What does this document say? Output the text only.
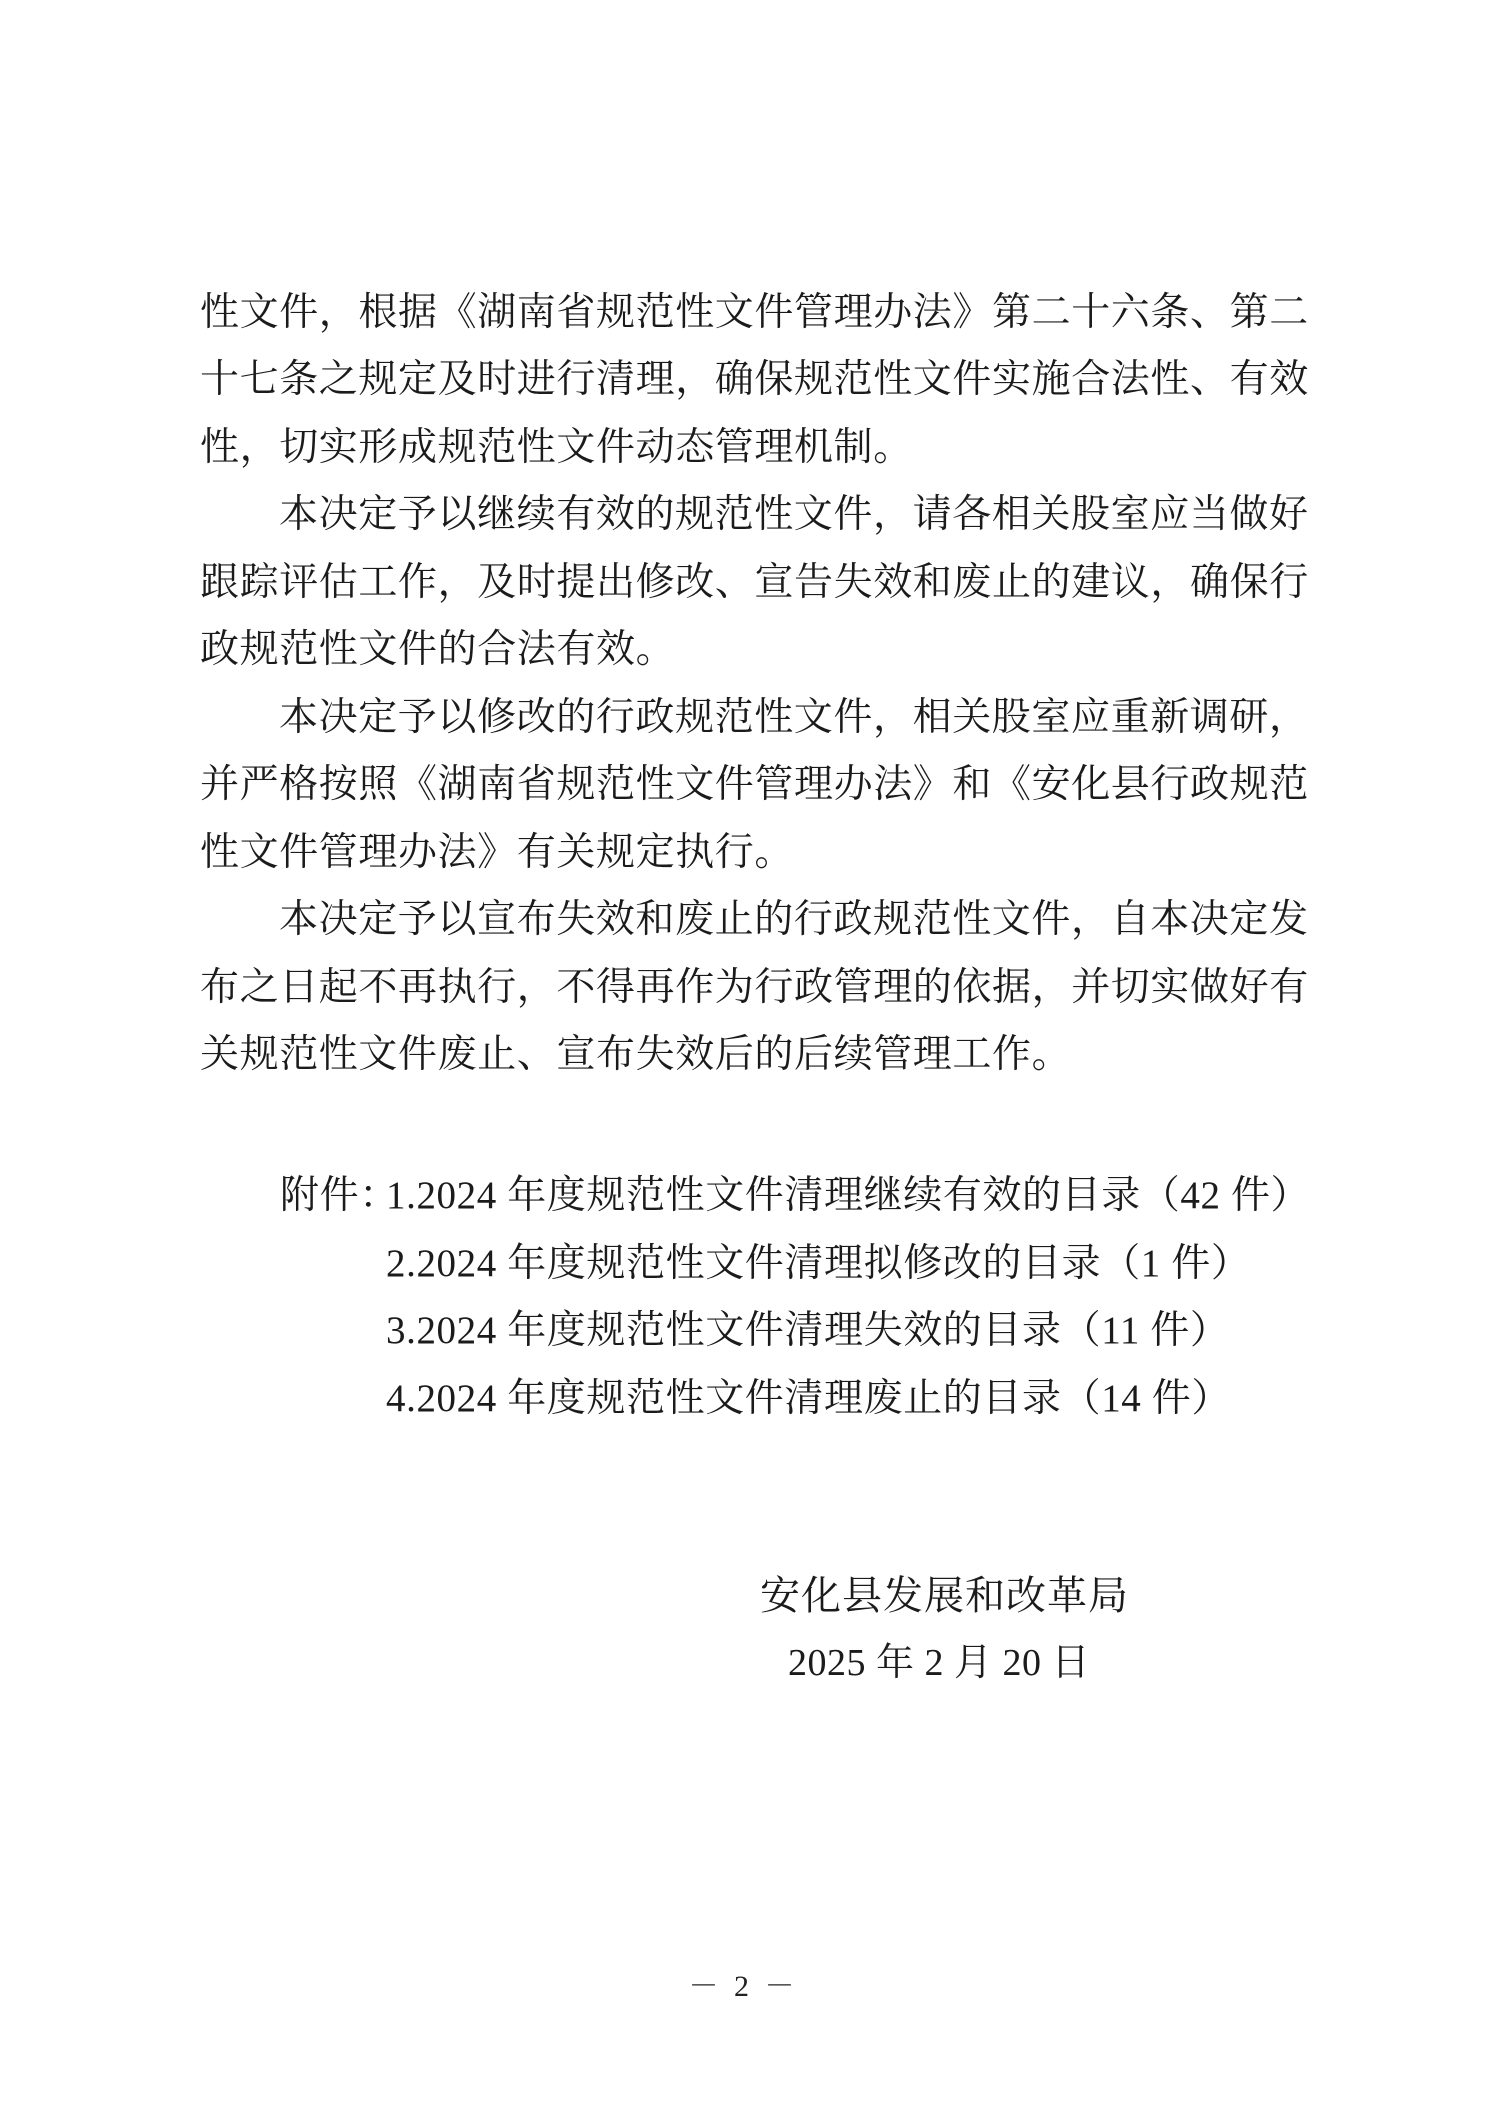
性文件，根据《湖南省规范性文件管理办法》第二十六条、第二
十七条之规定及时进行清理，确保规范性文件实施合法性、有效
性，切实形成规范性文件动态管理机制。
本决定予以继续有效的规范性文件，请各相关股室应当做好
跟踪评估工作，及时提出修改、宣告失效和废止的建议，确保行
政规范性文件的合法有效。
本决定予以修改的行政规范性文件，相关股室应重新调研，
并严格按照《湖南省规范性文件管理办法》和《安化县行政规范
性文件管理办法》有关规定执行。
本决定予以宣布失效和废止的行政规范性文件，自本决定发
布之日起不再执行，不得再作为行政管理的依据，并切实做好有
关规范性文件废止、宣布失效后的后续管理工作。
附件：
1.2024 年度规范性文件清理继续有效的目录（42 件）
2.2024 年度规范性文件清理拟修改的目录（1 件）
3.2024 年度规范性文件清理失效的目录（11 件）
4.2024 年度规范性文件清理废止的目录（14 件）
安化县发展和改革局
2025 年 2 月 20 日
－ 2 －
